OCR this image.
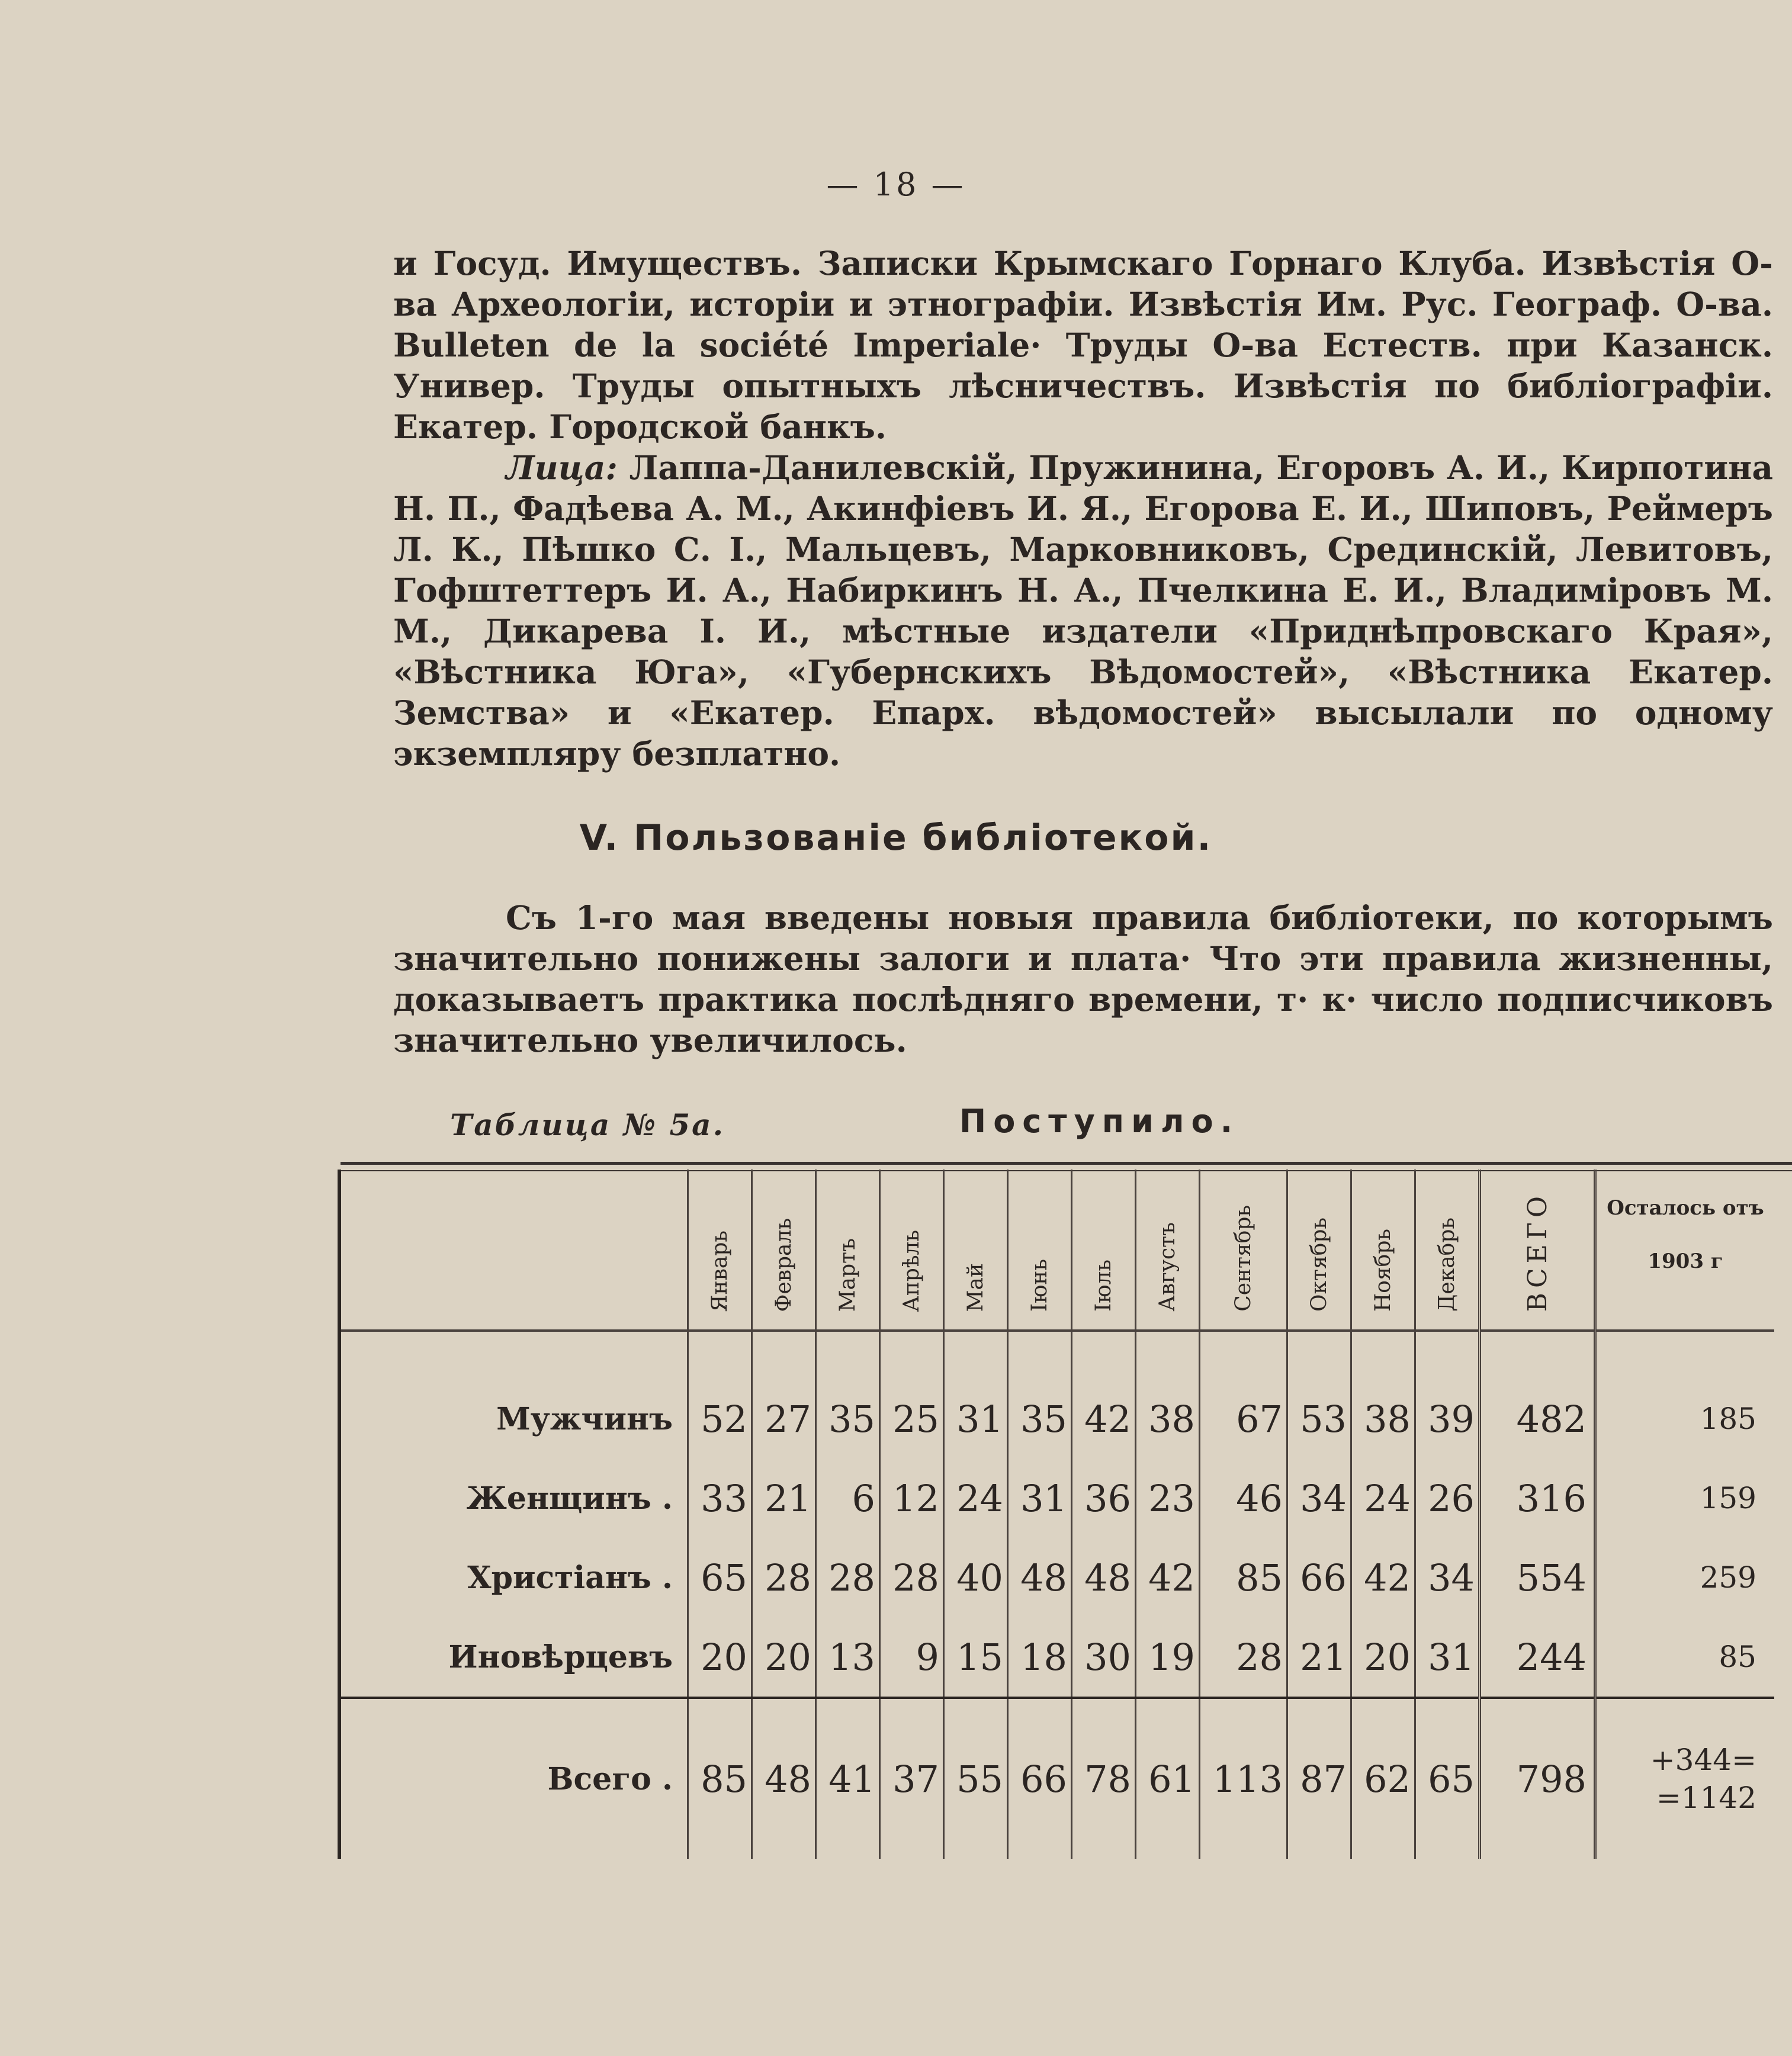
— 18 —

и Госуд. Имуществъ. Записки Крымскаго Горнаго Клуба. Извѣстія О-ва Археологіи, исторіи и этнографіи. Извѣстія Им. Рус. Географ. О-ва. Bulleten de la société Imperiale· Труды О-ва Естеств. при Казанск. Универ. Труды опытныхъ лѣсничествъ. Извѣстія по библіографіи. Екатер. Городской банкъ.

Лица: Лаппа-Данилевскій, Пружинина, Егоровъ А. И., Кирпотина Н. П., Фадѣева А. М., Акинфіевъ И. Я., Егорова Е. И., Шиповъ, Реймеръ Л. К., Пѣшко С. І., Мальцевъ, Марковниковъ, Срединскій, Левитовъ, Гофштеттеръ И. А., Набиркинъ Н. А., Пчелкина Е. И., Владиміровъ М. М., Дикарева І. И., мѣстные издатели «Приднѣпровскаго Края», «Вѣстника Юга», «Губернскихъ Вѣдомостей», «Вѣстника Екатер. Земства» и «Екатер. Епарх. вѣдомостей» высылали по одному экземпляру безплатно.

V. Пользованіе библіотекой.

Съ 1-го мая введены новыя правила библіотеки, по которымъ значительно понижены залоги и плата· Что эти правила жизненны, доказываетъ практика послѣдняго времени, т· к· число подписчиковъ значительно увеличилось.

Таблица № 5а.	Поступило.

	Январь	Февраль	Мартъ	Апрѣль	Май	Іюнь	Іюль	Августъ	Сентябрь	Октябрь	Ноябрь	Декабрь	ВСЕГО	Осталось отъ
1903 г

Мужчинъ	52	27	35	25	31	35	42	38	67	53	38	39	482	185
Женщинъ .	33	21	6	12	24	31	36	23	46	34	24	26	316	159
Христіанъ .	65	28	28	28	40	48	48	42	85	66	42	34	554	259
Иновѣрцевъ	20	20	13	9	15	18	30	19	28	21	20	31	244	85
Всего .	85	48	41	37	55	66	78	61	113	87	62	65	798	+344=
=1142
